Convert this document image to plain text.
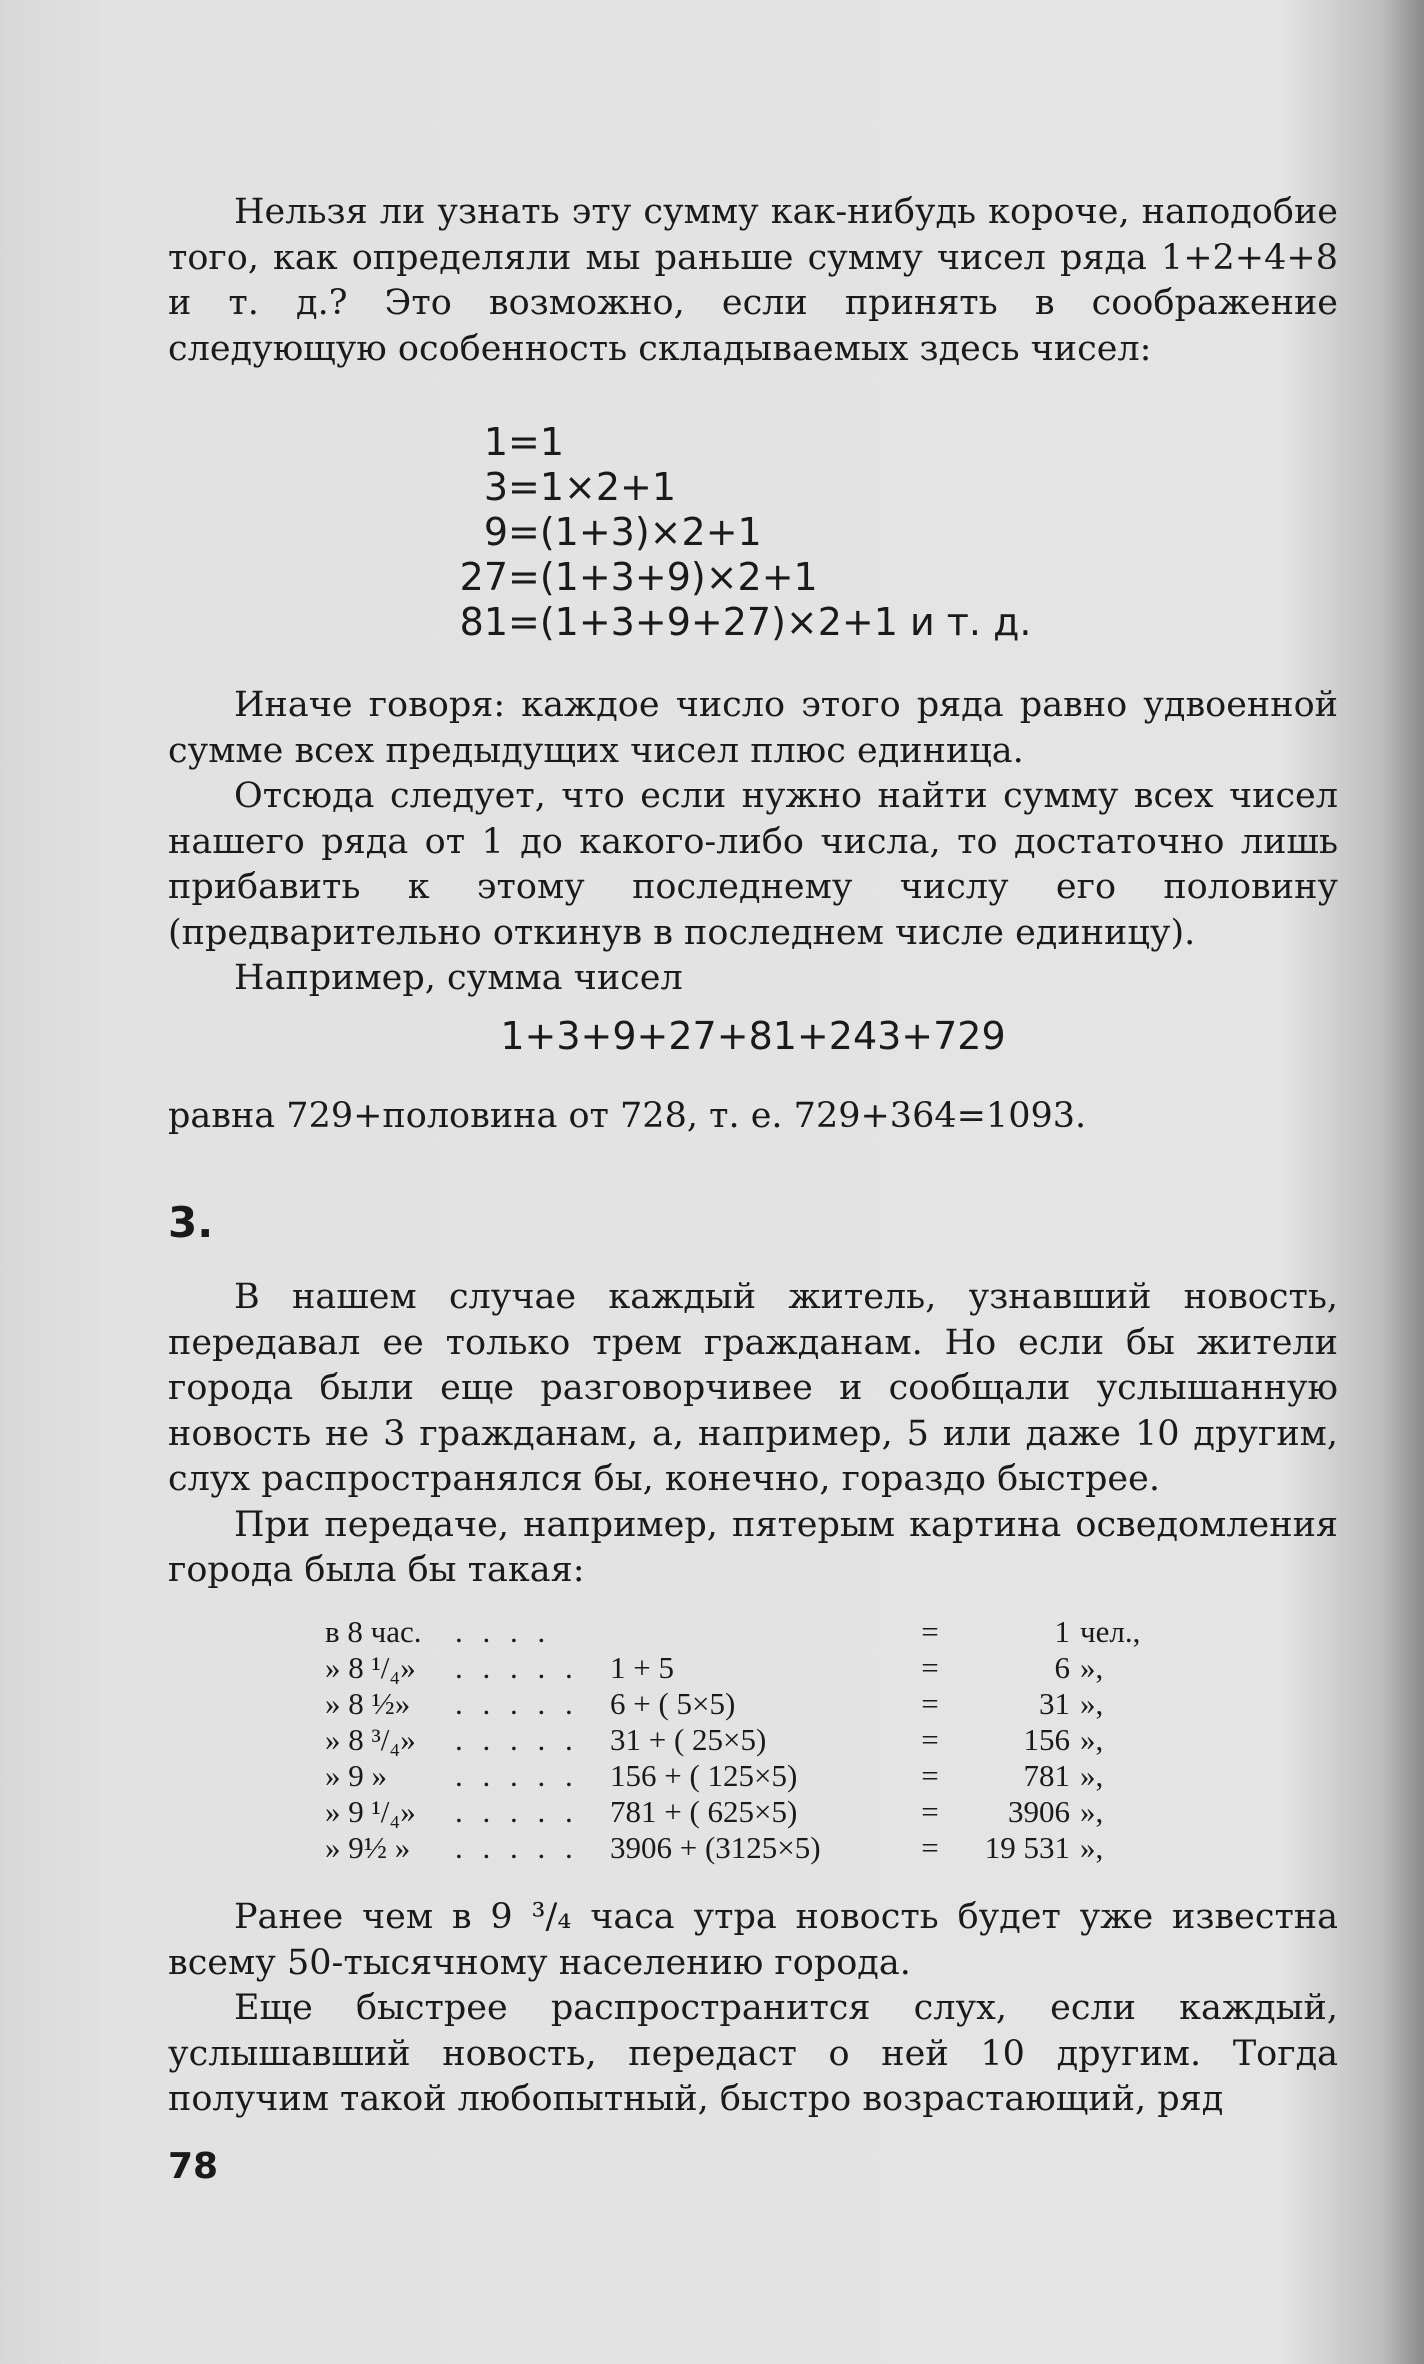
Нельзя ли узнать эту сумму как-нибудь короче, наподобие того, как определяли мы раньше сумму чисел ряда 1+2+4+8 и т. д.? Это возможно, если принять в соображение следующую особенность складываемых здесь чисел:

1=1
3=1×2+1
9=(1+3)×2+1
27=(1+3+9)×2+1
81=(1+3+9+27)×2+1 и т. д.

Иначе говоря: каждое число этого ряда равно удвоенной сумме всех предыдущих чисел плюс единица.

Отсюда следует, что если нужно найти сумму всех чисел нашего ряда от 1 до какого-либо числа, то достаточно лишь прибавить к этому последнему числу его половину (предварительно откинув в последнем числе единицу).

Например, сумма чисел

1+3+9+27+81+243+729

равна 729+половина от 728, т. е. 729+364=1093.

3.

В нашем случае каждый житель, узнавший новость, передавал ее только трем гражданам. Но если бы жители города были еще разговорчивее и сообщали услышанную новость не 3 гражданам, а, например, 5 или даже 10 другим, слух распространялся бы, конечно, гораздо быстрее.

При передаче, например, пятерым картина осведомления города была бы такая:

в 8 час.	. . . .	=	1 чел.,
» 8 ¹/₄»	. . . . .	1 + 5	=	6 »,
» 8 ½»	. . . . .	6 + ( 5×5)	=	31 »,
» 8 ³/₄»	. . . . .	31 + ( 25×5)	=	156 »,
» 9 »	. . . . .	156 + ( 125×5)	=	781 »,
» 9 ¹/₄»	. . . . .	781 + ( 625×5)	=	3906 »,
» 9½ »	. . . . .	3906 + (3125×5)	=	19 531 »,

Ранее чем в 9 ³/₄ часа утра новость будет уже известна всему 50-тысячному населению города.

Еще быстрее распространится слух, если каждый, услышавший новость, передаст о ней 10 другим. Тогда получим такой любопытный, быстро возрастающий, ряд

78
